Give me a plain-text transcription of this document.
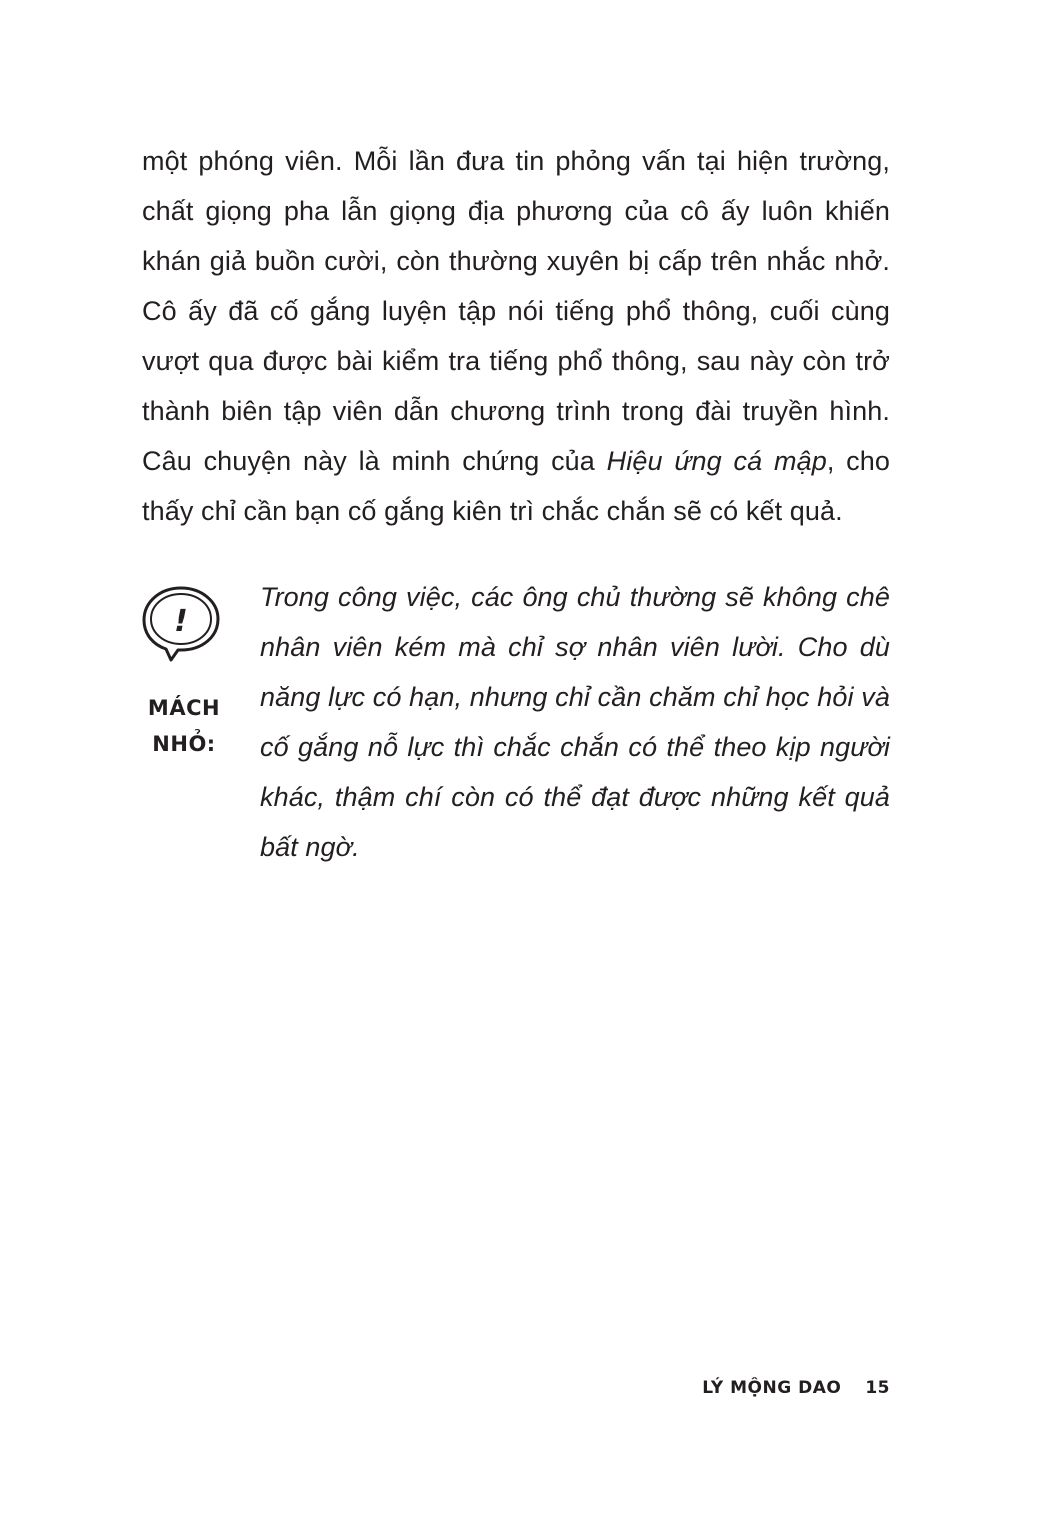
một phóng viên. Mỗi lần đưa tin phỏng vấn tại hiện trường,
chất giọng pha lẫn giọng địa phương của cô ấy luôn khiến
khán giả buồn cười, còn thường xuyên bị cấp trên nhắc nhở.
Cô ấy đã cố gắng luyện tập nói tiếng phổ thông, cuối cùng
vượt qua được bài kiểm tra tiếng phổ thông, sau này còn trở
thành biên tập viên dẫn chương trình trong đài truyền hình.
Câu chuyện này là minh chứng của Hiệu ứng cá mập, cho
thấy chỉ cần bạn cố gắng kiên trì chắc chắn sẽ có kết quả.
!
MÁCH
NHỎ:
Trong công việc, các ông chủ thường sẽ không chê
nhân viên kém mà chỉ sợ nhân viên lười. Cho dù
năng lực có hạn, nhưng chỉ cần chăm chỉ học hỏi và
cố gắng nỗ lực thì chắc chắn có thể theo kịp người
khác, thậm chí còn có thể đạt được những kết quả
bất ngờ.
LÝ MỘNG DAO 15
